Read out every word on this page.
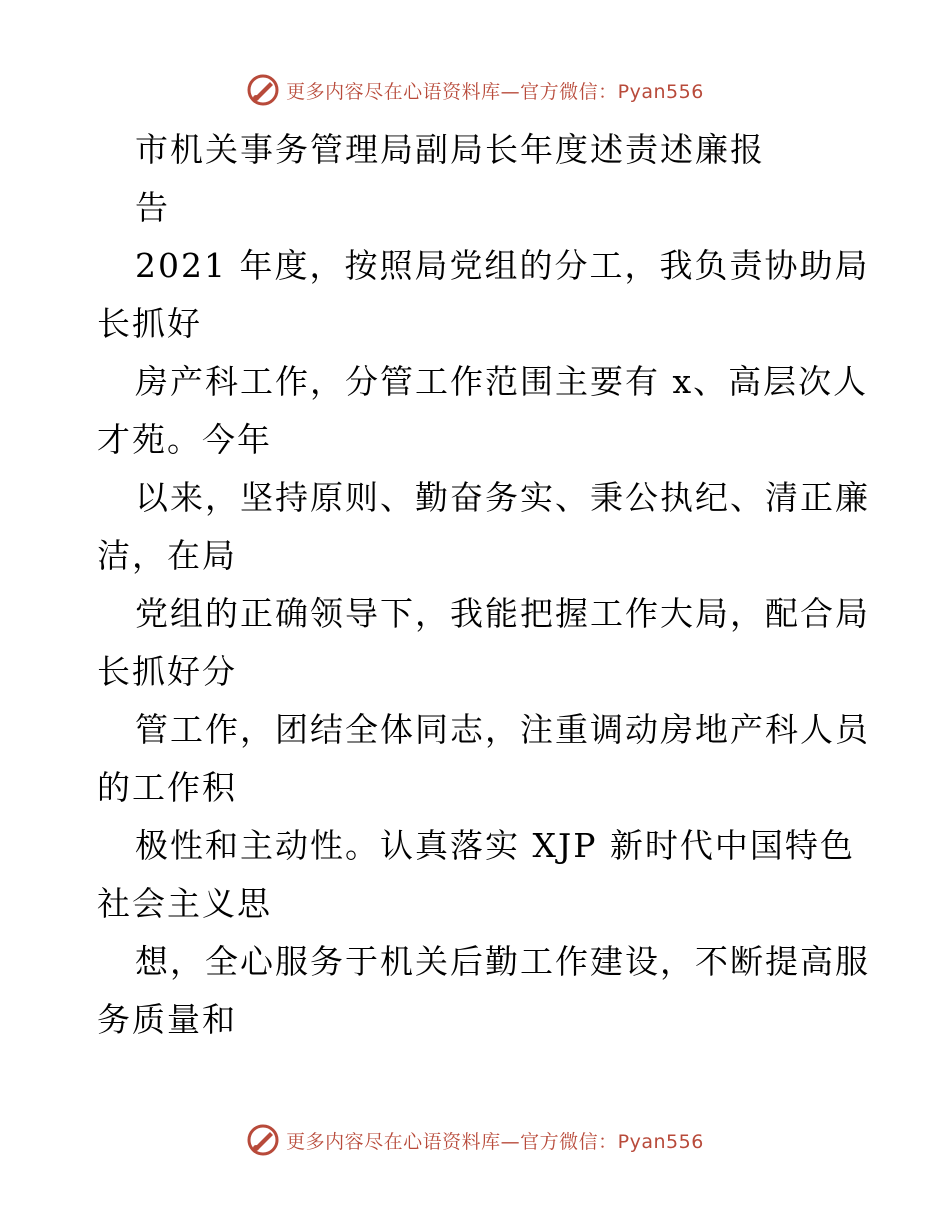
更多内容尽在心语资料库—官方微信：Pyan556
市机关事务管理局副局长年度述责述廉报
告
2021 年度，按照局党组的分工，我负责协助局
长抓好
房产科工作，分管工作范围主要有 x、高层次人
才苑。今年
以来，坚持原则、勤奋务实、秉公执纪、清正廉
洁，在局
党组的正确领导下，我能把握工作大局，配合局
长抓好分
管工作，团结全体同志，注重调动房地产科人员
的工作积
极性和主动性。认真落实 XJP 新时代中国特色
社会主义思
想，全心服务于机关后勤工作建设，不断提高服
务质量和
更多内容尽在心语资料库—官方微信：Pyan556
